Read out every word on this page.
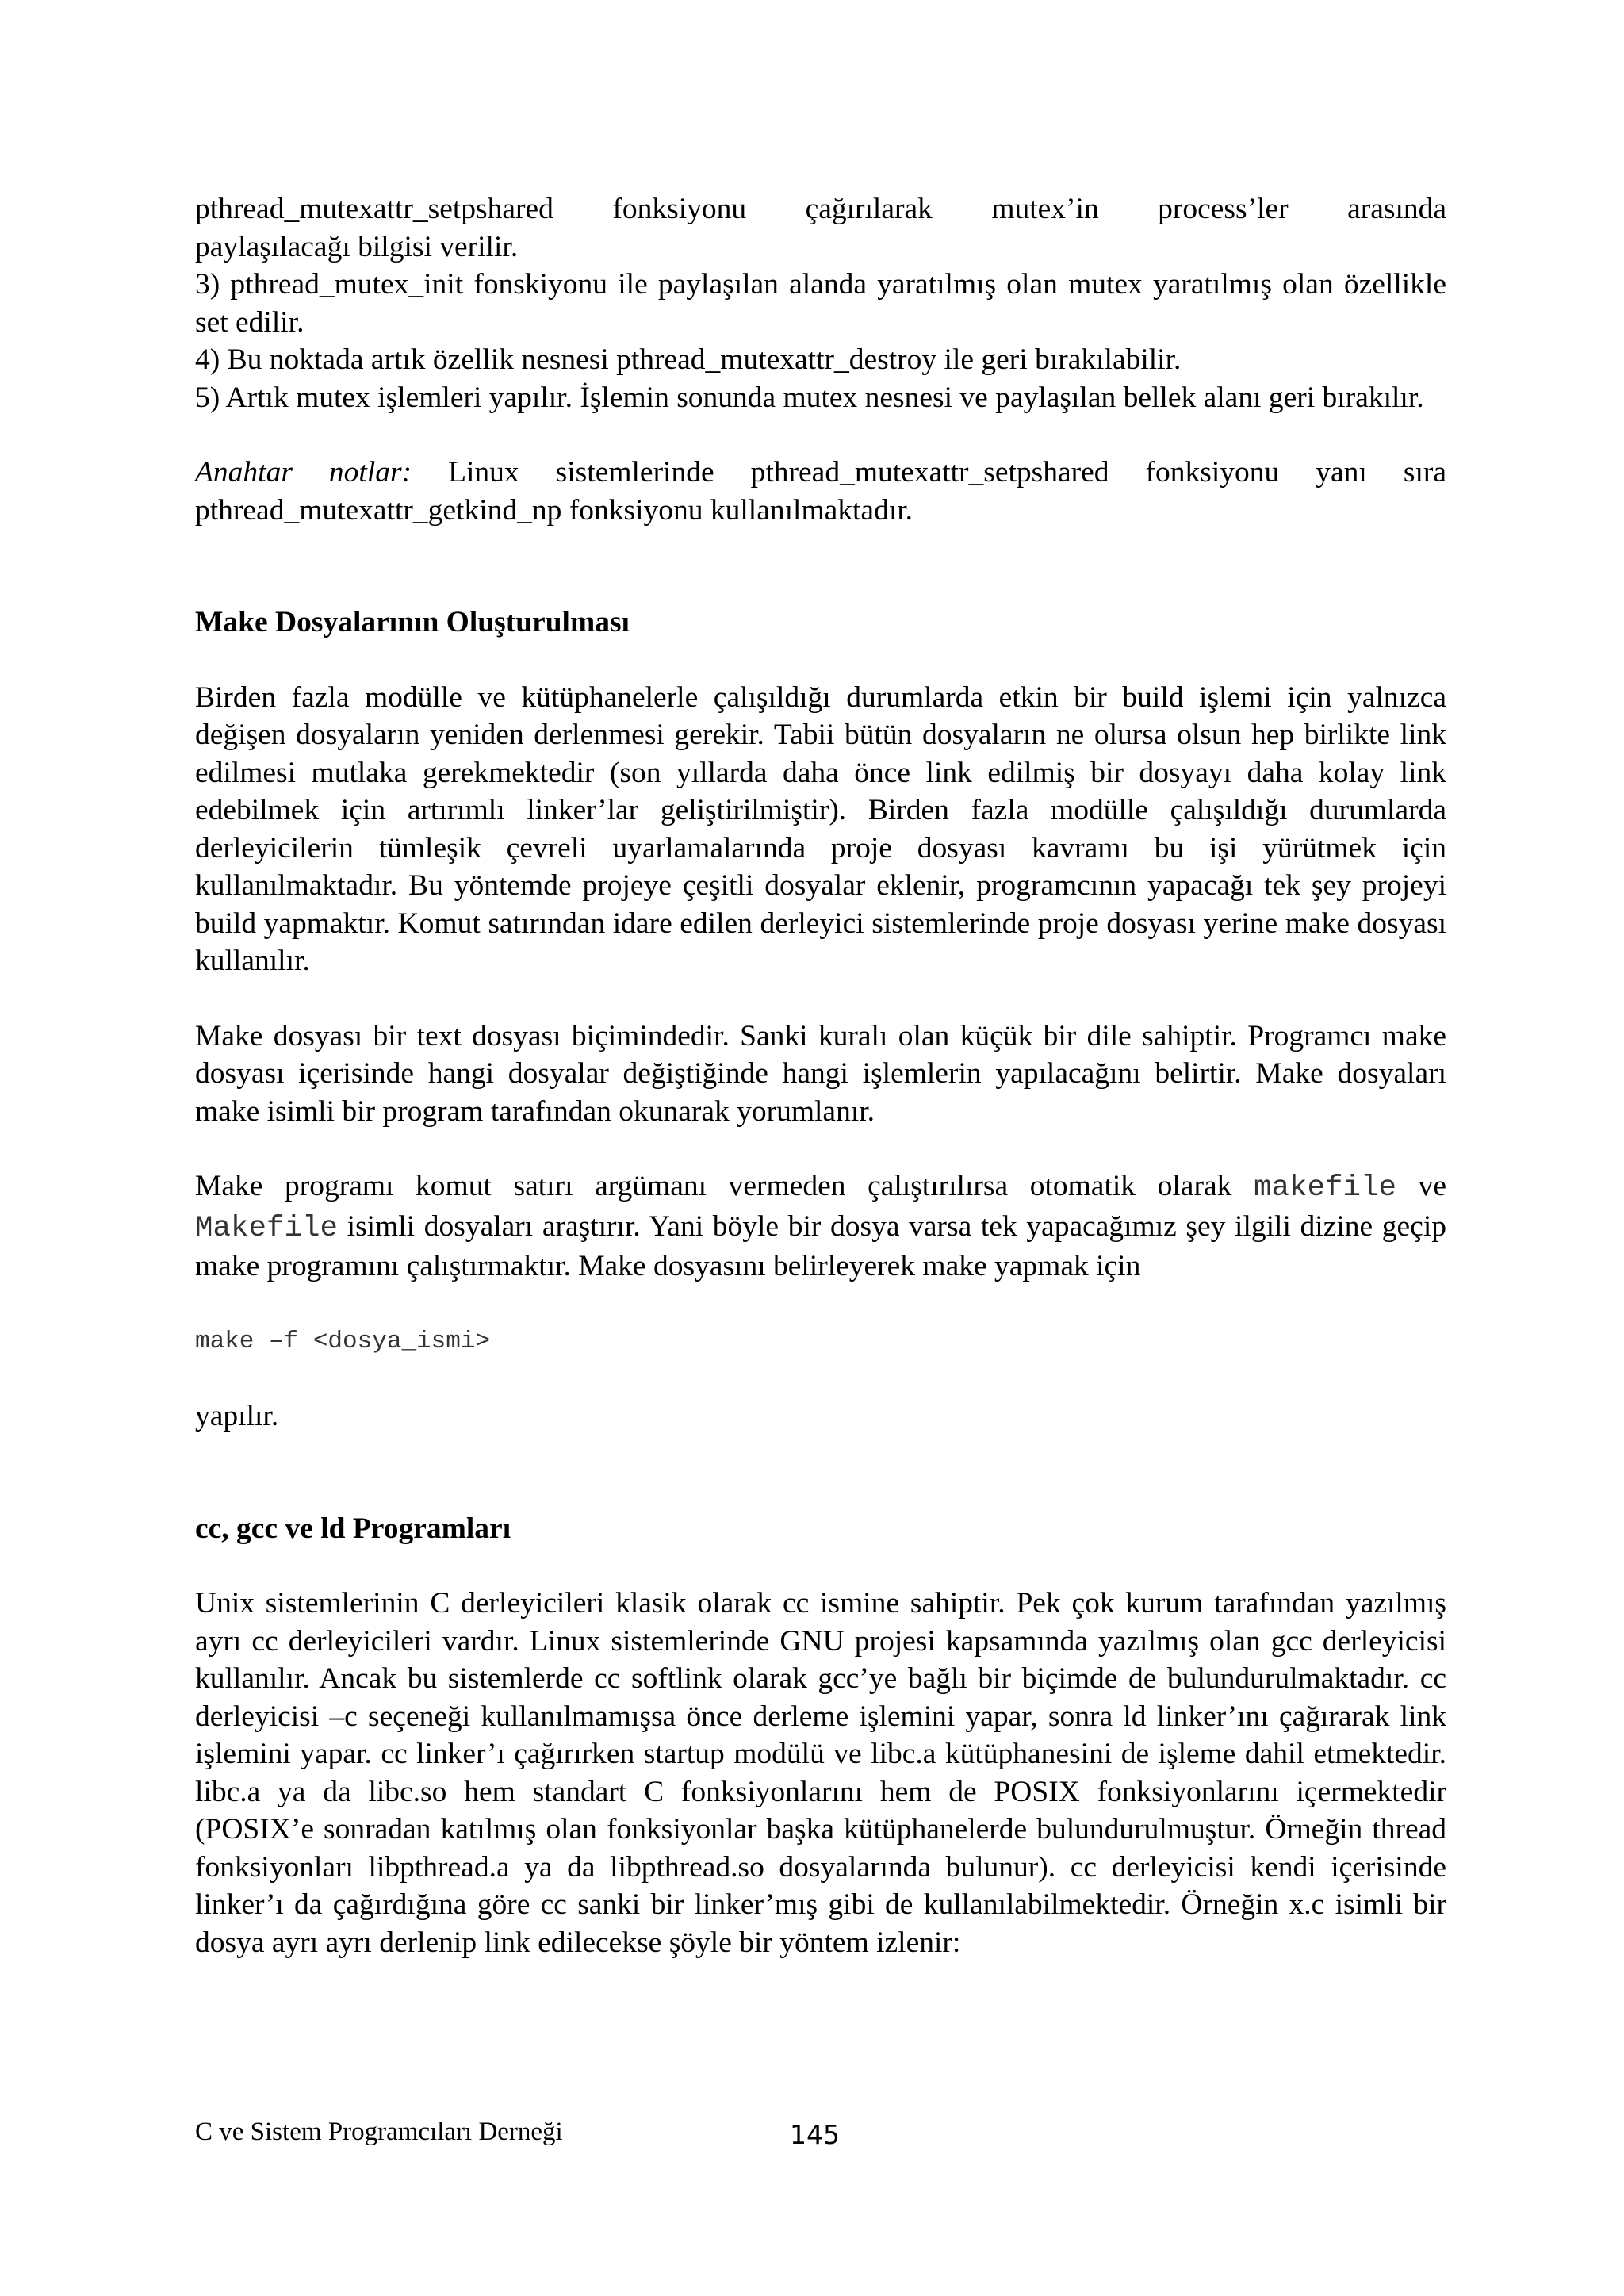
pthread_mutexattr_setpshared fonksiyonu çağırılarak mutex’in process’ler arasında

paylaşılacağı bilgisi verilir.

3) pthread_mutex_init fonskiyonu ile paylaşılan alanda yaratılmış olan mutex yaratılmış olan özellikle set edilir.

4) Bu noktada artık özellik nesnesi pthread_mutexattr_destroy ile geri bırakılabilir.

5) Artık mutex işlemleri yapılır. İşlemin sonunda mutex nesnesi ve paylaşılan bellek alanı geri bırakılır.

Anahtar notlar: Linux sistemlerinde pthread_mutexattr_setpshared fonksiyonu yanı sıra pthread_mutexattr_getkind_np fonksiyonu kullanılmaktadır.

Make Dosyalarının Oluşturulması

Birden fazla modülle ve kütüphanelerle çalışıldığı durumlarda etkin bir build işlemi için yalnızca değişen dosyaların yeniden derlenmesi gerekir. Tabii bütün dosyaların ne olursa olsun hep birlikte link edilmesi mutlaka gerekmektedir (son yıllarda daha önce link edilmiş bir dosyayı daha kolay link edebilmek için artırımlı linker’lar geliştirilmiştir). Birden fazla modülle çalışıldığı durumlarda derleyicilerin tümleşik çevreli uyarlamalarında proje dosyası kavramı bu işi yürütmek için kullanılmaktadır. Bu yöntemde projeye çeşitli dosyalar eklenir, programcının yapacağı tek şey projeyi build yapmaktır. Komut satırından idare edilen derleyici sistemlerinde proje dosyası yerine make dosyası kullanılır.

Make dosyası bir text dosyası biçimindedir. Sanki kuralı olan küçük bir dile sahiptir. Programcı make dosyası içerisinde hangi dosyalar değiştiğinde hangi işlemlerin yapılacağını belirtir. Make dosyaları make isimli bir program tarafından okunarak yorumlanır.

Make programı komut satırı argümanı vermeden çalıştırılırsa otomatik olarak makefile ve Makefile isimli dosyaları araştırır. Yani böyle bir dosya varsa tek yapacağımız şey ilgili dizine geçip make programını çalıştırmaktır. Make dosyasını belirleyerek make yapmak için

make –f <dosya_ismi>

yapılır.

cc, gcc ve ld Programları

Unix sistemlerinin C derleyicileri klasik olarak cc ismine sahiptir. Pek çok kurum tarafından yazılmış ayrı cc derleyicileri vardır. Linux sistemlerinde GNU projesi kapsamında yazılmış olan gcc derleyicisi kullanılır. Ancak bu sistemlerde cc softlink olarak gcc’ye bağlı bir biçimde de bulundurulmaktadır. cc derleyicisi –c seçeneği kullanılmamışsa önce derleme işlemini yapar, sonra ld linker’ını çağırarak link işlemini yapar. cc linker’ı çağırırken startup modülü ve libc.a kütüphanesini de işleme dahil etmektedir. libc.a ya da libc.so hem standart C fonksiyonlarını hem de POSIX fonksiyonlarını içermektedir (POSIX’e sonradan katılmış olan fonksiyonlar başka kütüphanelerde bulundurulmuştur. Örneğin thread fonksiyonları libpthread.a ya da libpthread.so dosyalarında bulunur). cc derleyicisi kendi içerisinde linker’ı da çağırdığına göre cc sanki bir linker’mış gibi de kullanılabilmektedir. Örneğin x.c isimli bir dosya ayrı ayrı derlenip link edilecekse şöyle bir yöntem izlenir:

C ve Sistem Programcıları Derneği	145
